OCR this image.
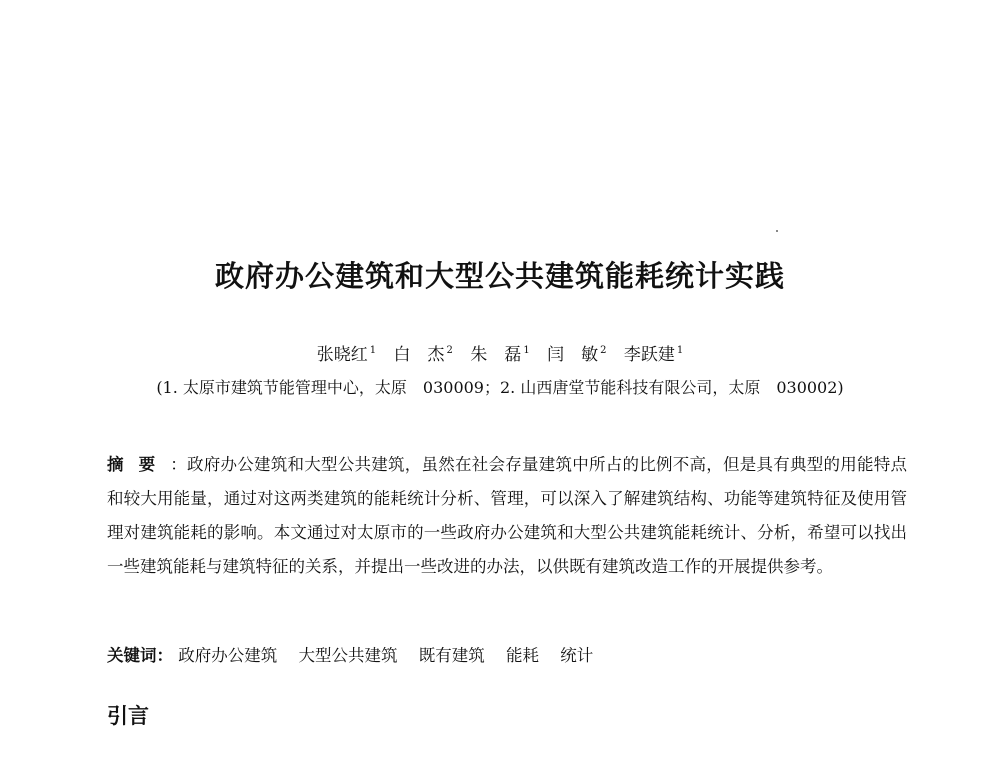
政府办公建筑和大型公共建筑能耗统计实践
张晓红 $^1$ 白　杰 $^2$ 朱　磊 $^1$ 闫　敏 $^2$ 李跃建 $^1$
(1. 太原市建筑节能管理中心，太原　030009；2. 山西唐堂节能科技有限公司，太原　030002)
摘要：政府办公建筑和大型公共建筑，虽然在社会存量建筑中所占的比例不高，但是具有典型的用能特点和较大用能量，通过对这两类建筑的能耗统计分析、管理，可以深入了解建筑结构、功能等建筑特征及使用管理对建筑能耗的影响。本文通过对太原市的一些政府办公建筑和大型公共建筑能耗统计、分析，希望可以找出一些建筑能耗与建筑特征的关系，并提出一些改进的办法，以供既有建筑改造工作的开展提供参考。
关键词： 政府办公建筑 大型公共建筑 既有建筑 能耗 统计
引言
